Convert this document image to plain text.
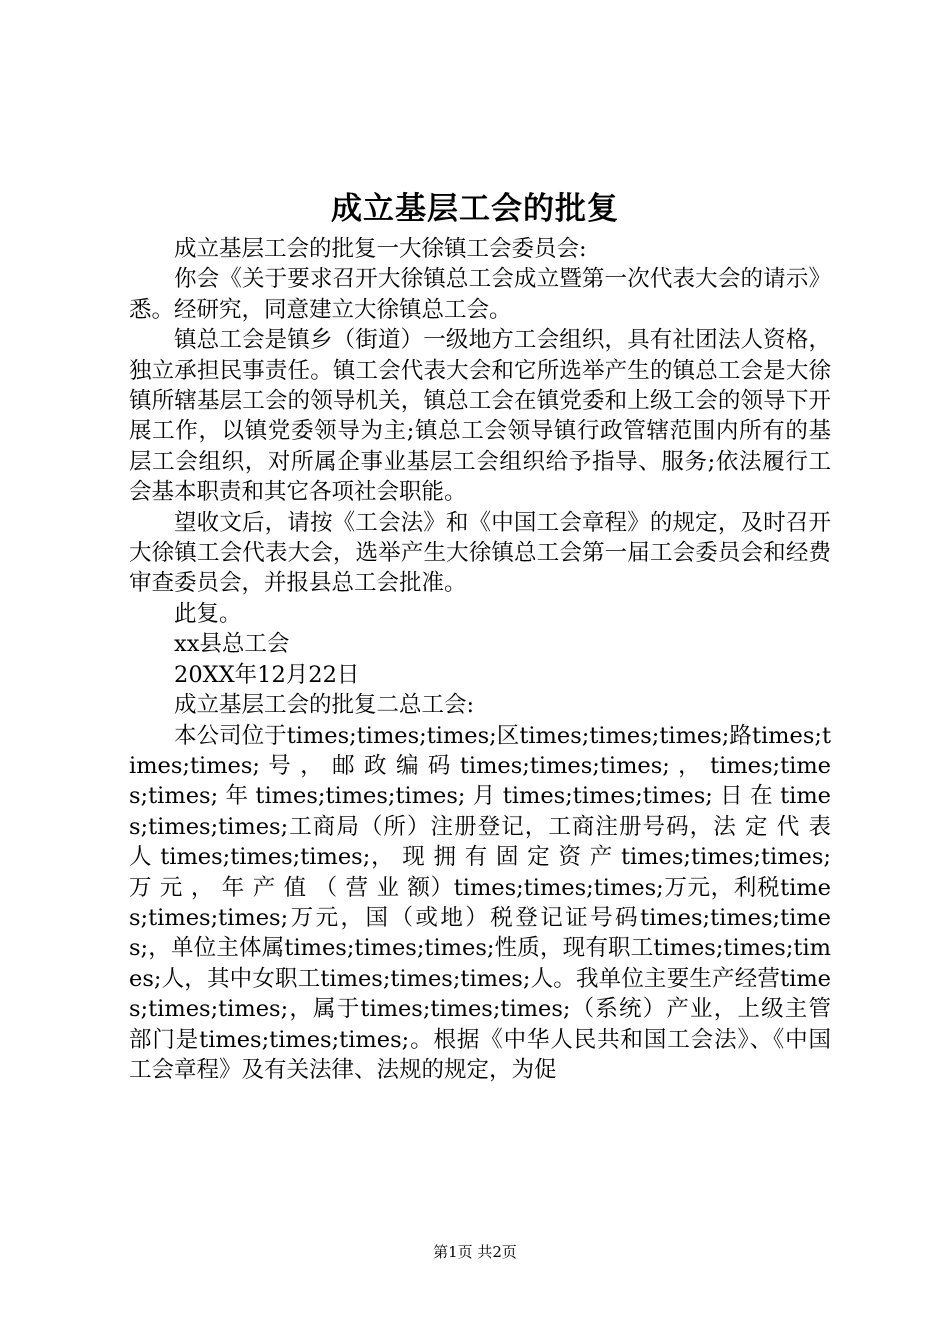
成立基层工会的批复

成立基层工会的批复一大徐镇工会委员会:

你会《关于要求召开大徐镇总工会成立暨第一次代表大会的请示》悉。经研究，同意建立大徐镇总工会。

镇总工会是镇乡（街道）一级地方工会组织，具有社团法人资格，独立承担民事责任。镇工会代表大会和它所选举产生的镇总工会是大徐镇所辖基层工会的领导机关，镇总工会在镇党委和上级工会的领导下开展工作，以镇党委领导为主;镇总工会领导镇行政管辖范围内所有的基层工会组织，对所属企事业基层工会组织给予指导、服务;依法履行工会基本职责和其它各项社会职能。

望收文后，请按《工会法》和《中国工会章程》的规定，及时召开大徐镇工会代表大会，选举产生大徐镇总工会第一届工会委员会和经费审查委员会，并报县总工会批准。

此复。

xx县总工会

20XX年12月22日

成立基层工会的批复二总工会:

本公司位于times;times;times;区times;times;times;路times;times;times; 号 ， 邮 政 编 码 times;times;times; ， times;times;times; 年 times;times;times; 月 times;times;times; 日 在 times;times;times;工商局（所）注册登记，工商注册号码，法 定 代 表 人 times;times;times;， 现 拥 有 固 定 资 产 times;times;times; 万 元 ， 年 产 值 （ 营 业 额）times;times;times;万元，利税times;times;times;万元，国（或地）税登记证号码times;times;times;，单位主体属times;times;times;性质，现有职工times;times;times;人，其中女职工times;times;times;人。我单位主要生产经营times;times;times;，属于times;times;times;（系统）产业，上级主管部门是times;times;times;。根据《中华人民共和国工会法》、《中国工会章程》及有关法律、法规的规定，为促

第1页 共2页
